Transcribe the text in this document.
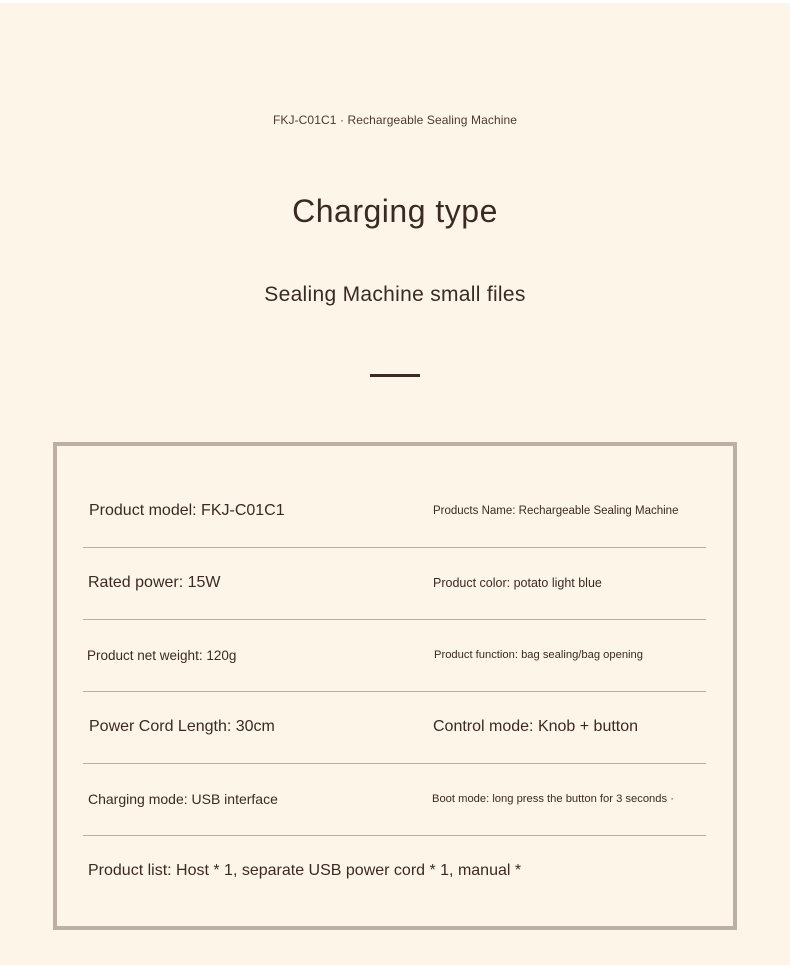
FKJ-C01C1 · Rechargeable Sealing Machine
Charging type
Sealing Machine small files
Product model: FKJ-C01C1	Products Name: Rechargeable Sealing Machine
Rated power: 15W	Product color: potato light blue
Product net weight: 120g	Product function: bag sealing/bag opening
Power Cord Length: 30cm	Control mode: Knob + button
Charging mode: USB interface	Boot mode: long press the button for 3 seconds ·
Product list: Host * 1, separate USB power cord * 1, manual *
